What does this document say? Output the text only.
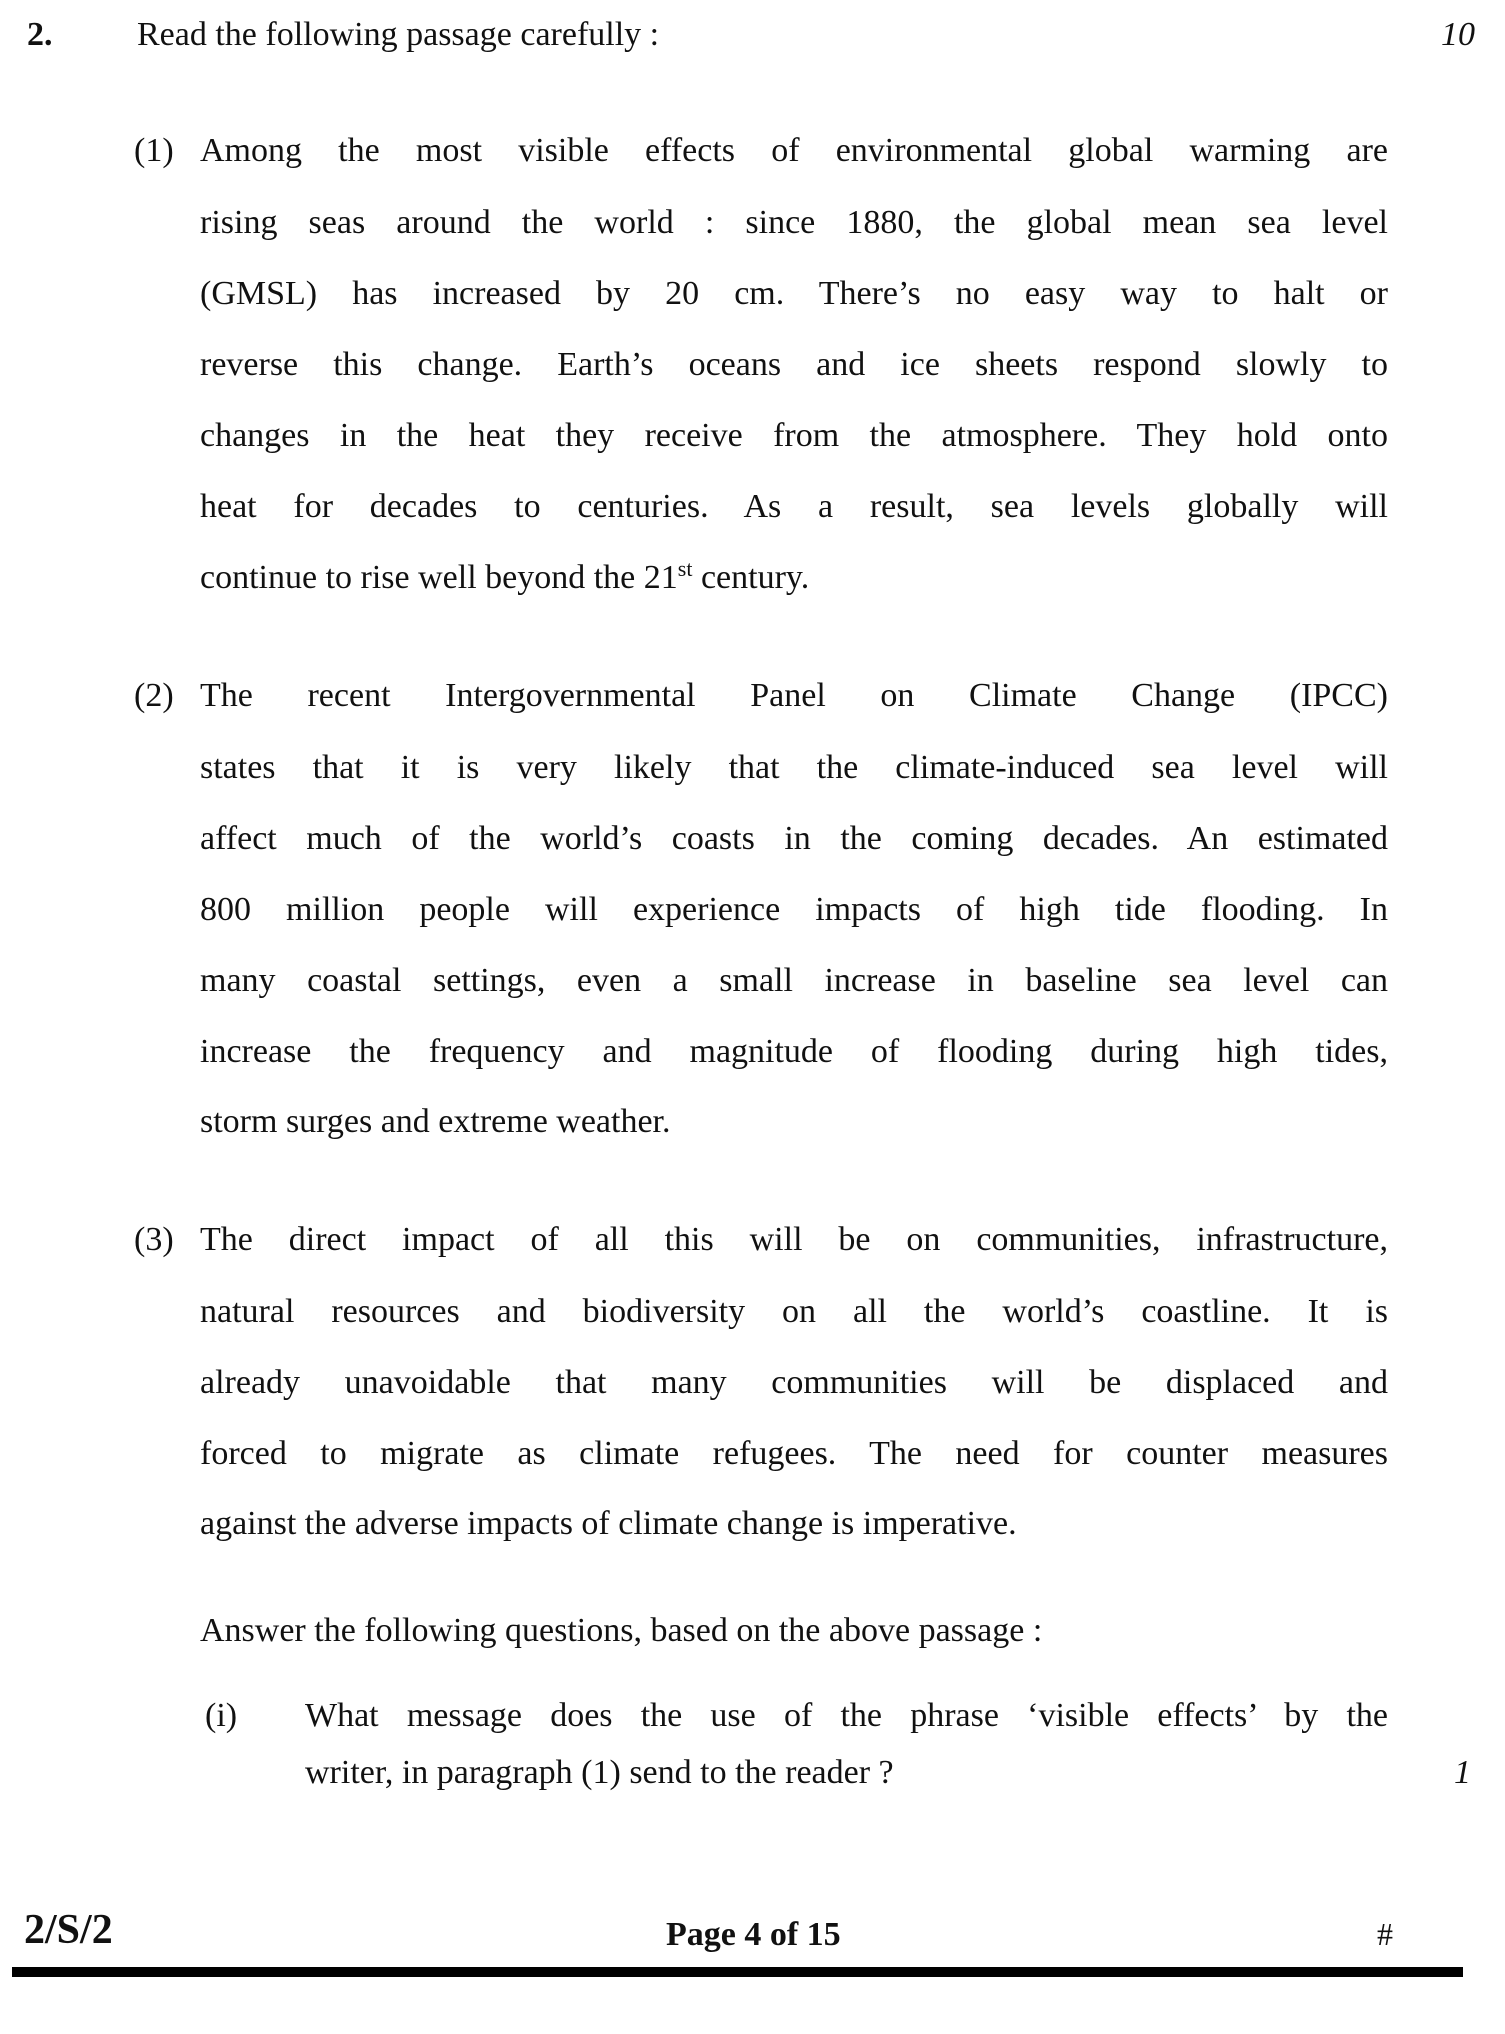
2. Read the following passage carefully :	10
(1) Among the most visible effects of environmental global warming are
rising seas around the world : since 1880, the global mean sea level
(GMSL) has increased by 20 cm. There’s no easy way to halt or
reverse this change. Earth’s oceans and ice sheets respond slowly to
changes in the heat they receive from the atmosphere. They hold onto
heat for decades to centuries. As a result, sea levels globally will
continue to rise well beyond the 21st century.
(2) The recent Intergovernmental Panel on Climate Change (IPCC)
states that it is very likely that the climate-induced sea level will
affect much of the world’s coasts in the coming decades. An estimated
800 million people will experience impacts of high tide flooding. In
many coastal settings, even a small increase in baseline sea level can
increase the frequency and magnitude of flooding during high tides,
storm surges and extreme weather.
(3) The direct impact of all this will be on communities, infrastructure,
natural resources and biodiversity on all the world’s coastline. It is
already unavoidable that many communities will be displaced and
forced to migrate as climate refugees. The need for counter measures
against the adverse impacts of climate change is imperative.
Answer the following questions, based on the above passage :
(i) What message does the use of the phrase ‘visible effects’ by the
writer, in paragraph (1) send to the reader ?	1
2/S/2	Page 4 of 15	#
